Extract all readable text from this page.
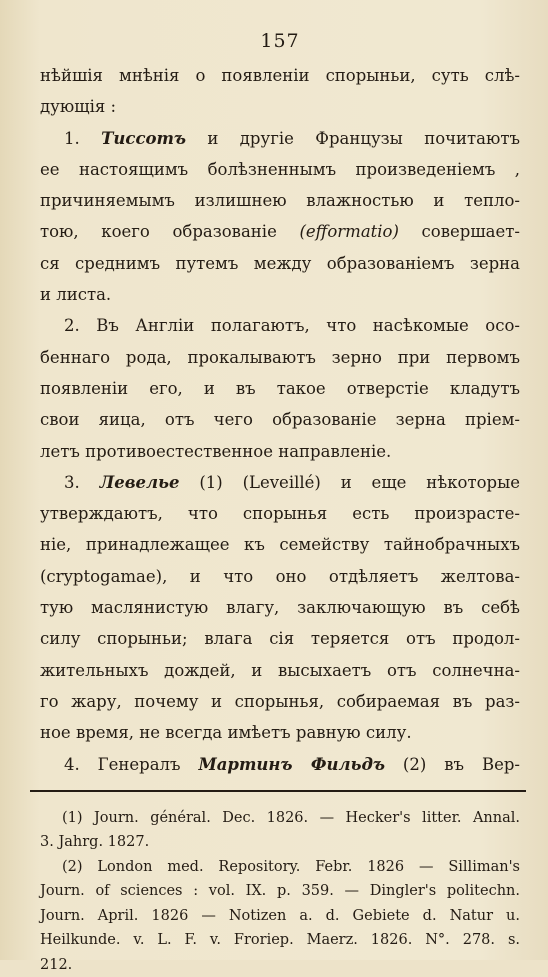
157
нѣйшія мнѣнія о появленіи спорыньи, суть слѣ-
дующія :
1. Тиссотъ и другіе Французы почитаютъ
ее настоящимъ болѣзненнымъ произведеніемъ ,
причиняемымъ излишнею влажностью и тепло-
тою, коего образованіе (efformatio) совершает-
ся среднимъ путемъ между образованіемъ зерна
и листа.
2. Въ Англіи полагаютъ, что насѣкомые осо-
беннаго рода, прокалываютъ зерно при первомъ
появленіи его, и въ такое отверстіе кладутъ
свои яица, отъ чего образованіе зерна пріем-
летъ противоестественное направленіе.
3. Левелье (1) (Leveillé) и еще нѣкоторые
утверждаютъ, что спорынья есть произрасте-
ніе, принадлежащее къ семейству тайнобрачныхъ
(cryptogamae), и что оно отдѣляетъ желтова-
тую маслянистую влагу, заключающую въ себѣ
силу спорыньи; влага сія теряется отъ продол-
жительныхъ дождей, и высыхаетъ отъ солнечна-
го жару, почему и спорынья, собираемая въ раз-
ное время, не всегда имѣетъ равную силу.
4. Генералъ Мартинъ Фильдъ (2) въ Вер-
(1) Journ. général. Dec. 1826. — Hecker's litter. Annal.
3. Jahrg. 1827.
(2) London med. Repository. Febr. 1826 — Silliman's
Journ. of sciences : vol. IX. p. 359. — Dingler's politechn.
Journ. April. 1826 — Notizen a. d. Gebiete d. Natur u.
Heilkunde. v. L. F. v. Froriep. Maerz. 1826. N°. 278. s.
212.
